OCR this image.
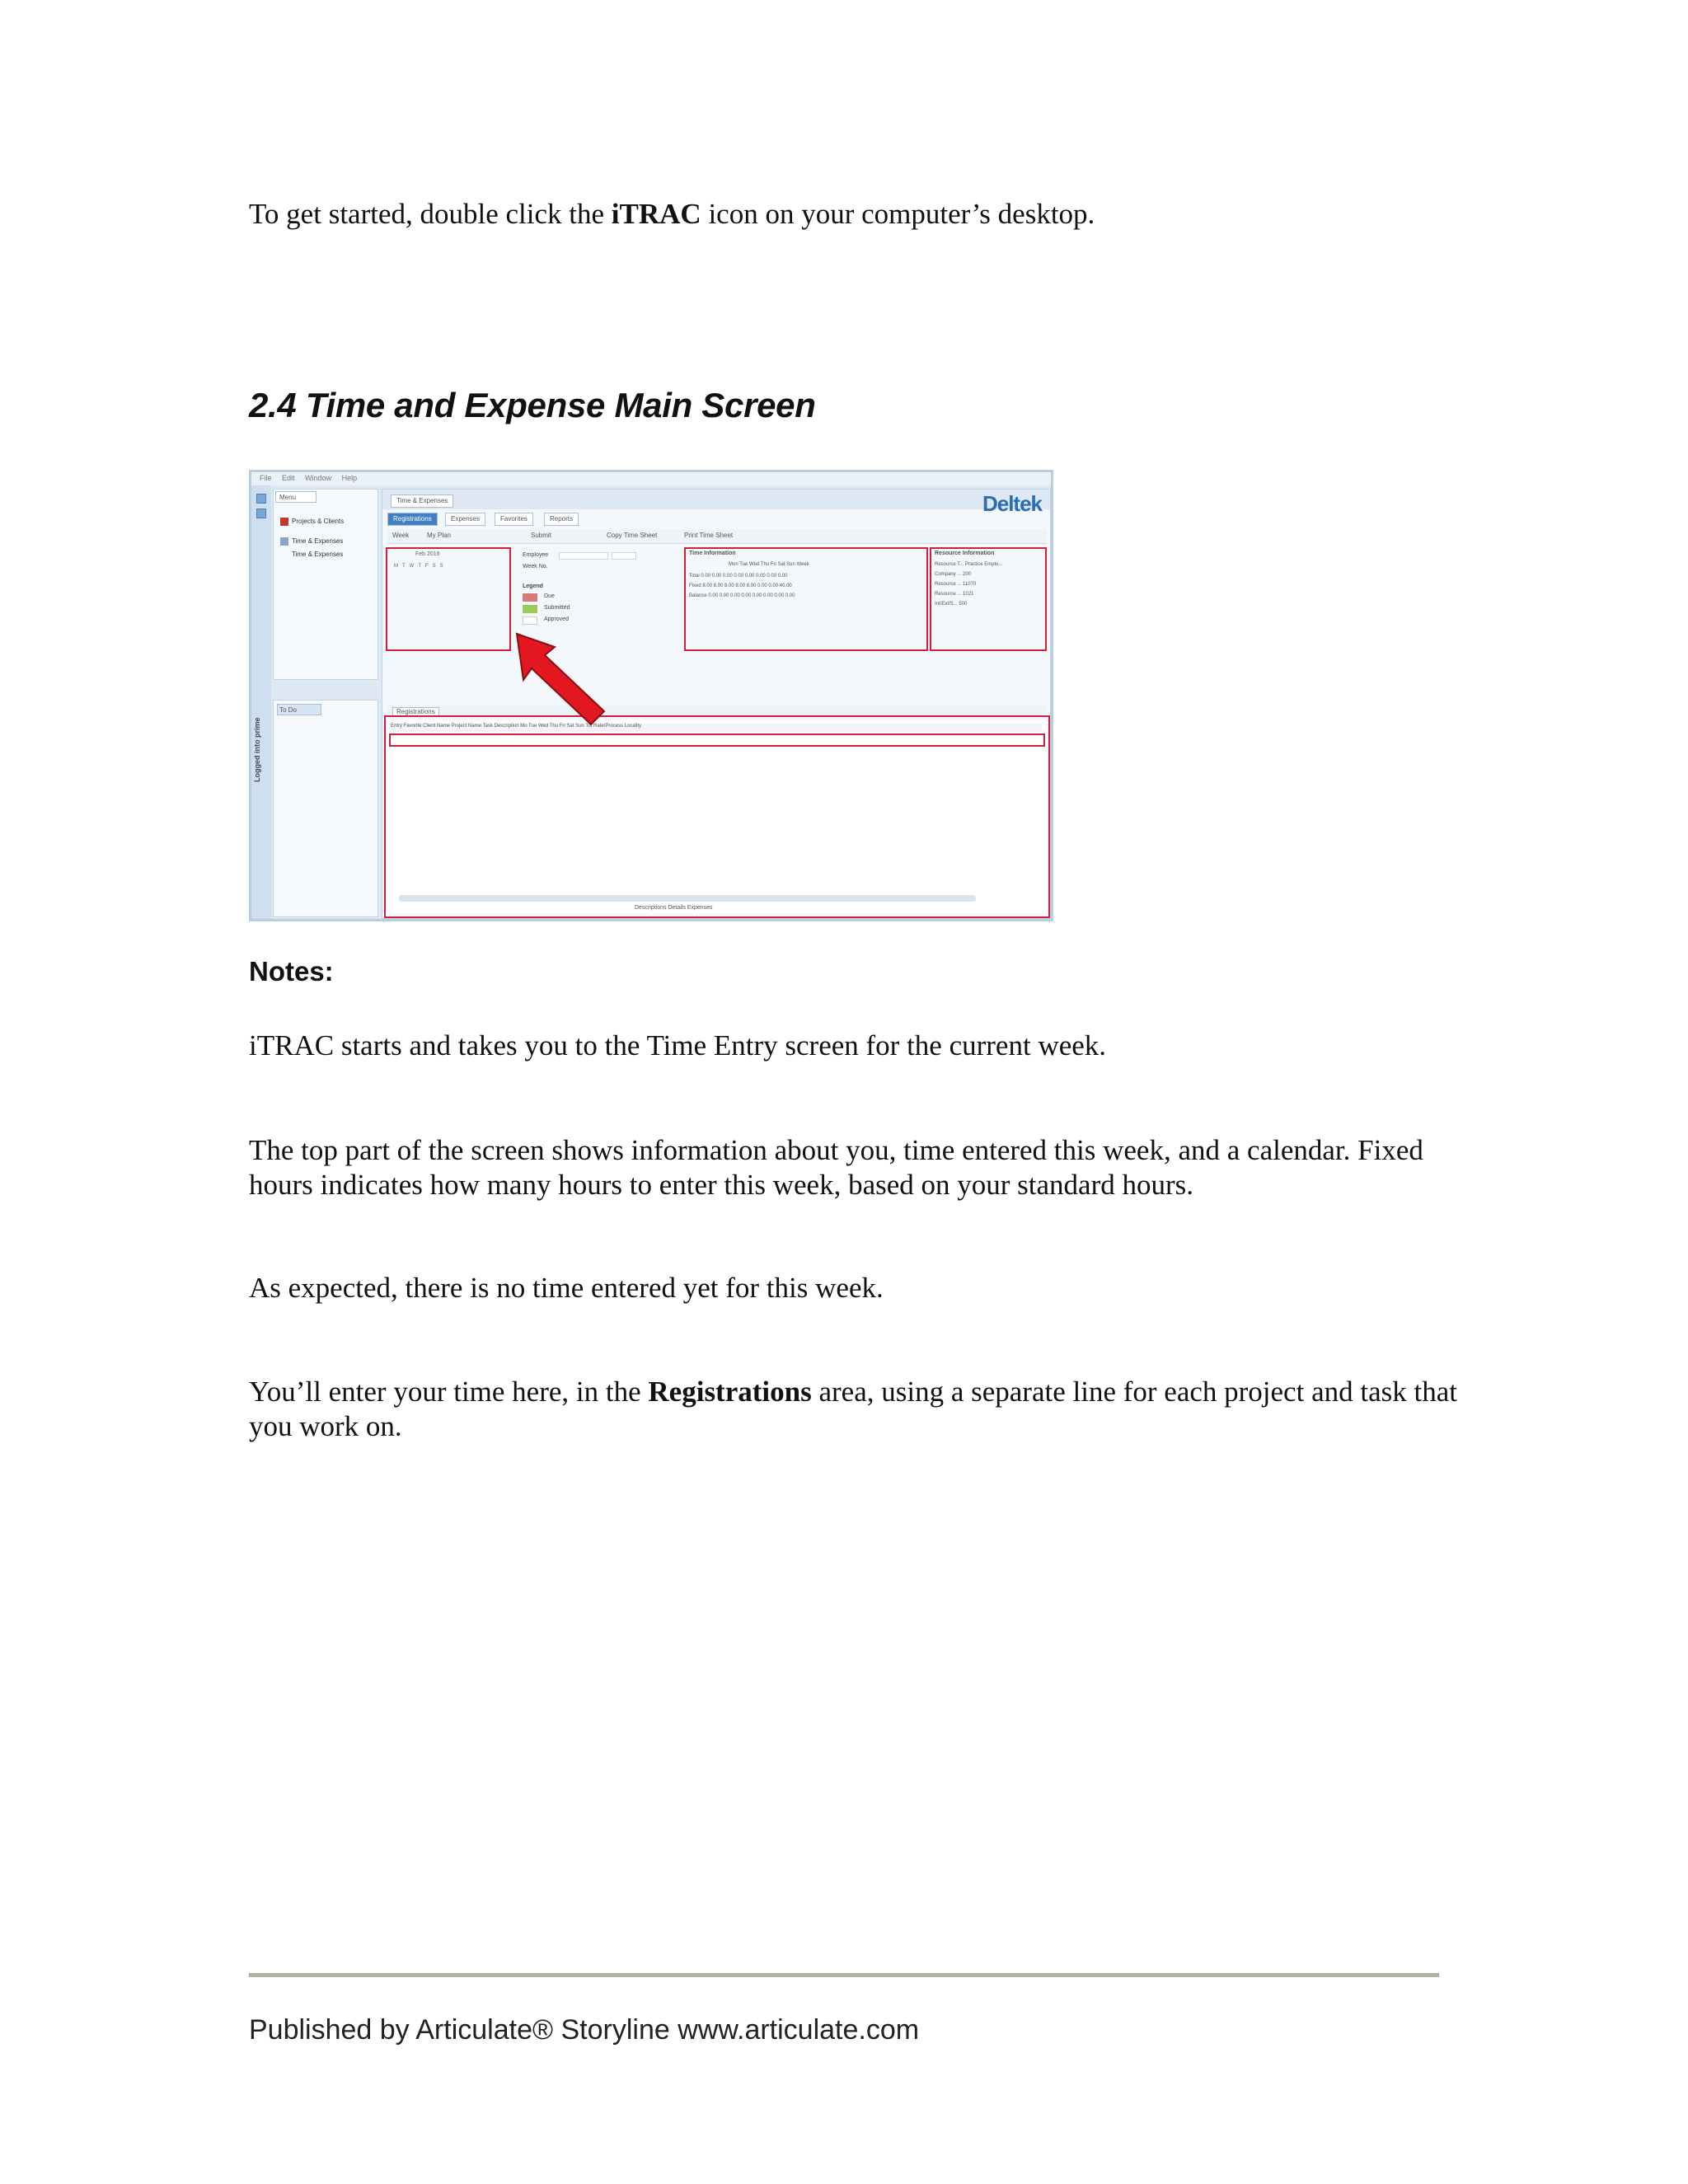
To get started, double click the iTRAC icon on your computer’s desktop.
2.4 Time and Expense Main Screen
File Edit Window Help
Logged into prime
Menu
Projects & Clients
Time & Expenses
Time & Expenses
To Do
Time & Expenses	Deltek
Registrations	Expenses	Favorites	Reports
Week	My Plan	Submit	Copy Time Sheet	Print Time Sheet
Feb 2016
M   T   W   T   F   S   S

Employee
Week No.
Legend
Due
Submitted
Approved
Time Information
Mon Tue Wed Thu Fri Sat Sun Week
Total 0.00 0.00 0.00 0.00 0.00 0.00 0.00 0.00
Fixed 8.00 8.00 8.00 8.00 8.00 0.00 0.00 40.00
Balance 0.00 0.00 0.00 0.00 0.00 0.00 0.00 0.00
Resource Information
Resource T... Practice Emplo...
Company ... 200
Resource ... 11070
Resource ... 1021
Int/Ext/S... 500
Registrations
Entry Favorite Client Name Project Name Task Description Mo Tue Wed Thu Fri Sat Sun Tot Rate/Process Locality
Descriptions Details Expenses
Notes:
iTRAC starts and takes you to the Time Entry screen for the current week.
The top part of the screen shows information about you, time entered this week, and a calendar. Fixed hours indicates how many hours to enter this week, based on your standard hours.
As expected, there is no time entered yet for this week.
You’ll enter your time here, in the Registrations area, using a separate line for each project and task that you work on.
Published by Articulate® Storyline www.articulate.com
